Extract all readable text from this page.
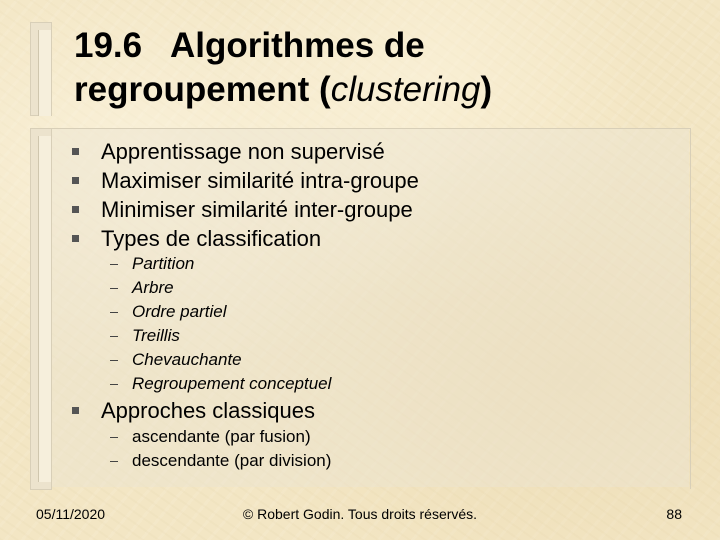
19.6   Algorithmes de
regroupement (clustering)
Apprentissage non supervisé
Maximiser similarité intra-groupe
Minimiser similarité inter-groupe
Types de classification
Partition
Arbre
Ordre partiel
Treillis
Chevauchante
Regroupement conceptuel
Approches classiques
ascendante (par fusion)
descendante (par division)
05/11/2020	© Robert Godin. Tous droits réservés.	88
